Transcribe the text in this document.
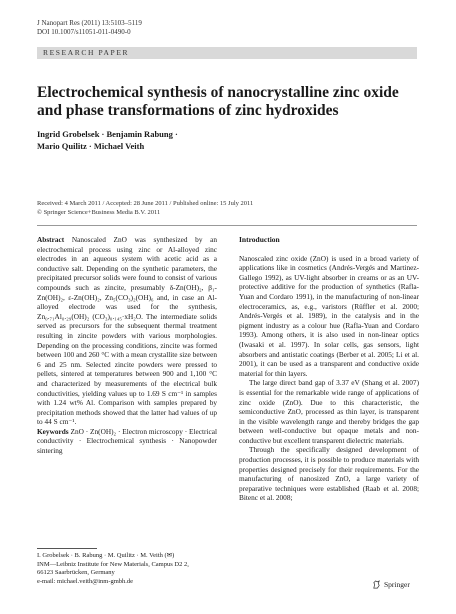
J Nanopart Res (2011) 13:5103–5119
DOI 10.1007/s11051-011-0490-0
RESEARCH PAPER
Electrochemical synthesis of nanocrystalline zinc oxide and phase transformations of zinc hydroxides
Ingrid Grobelsek · Benjamin Rabung ·
Mario Quilitz · Michael Veith
Received: 4 March 2011 / Accepted: 28 June 2011 / Published online: 15 July 2011
© Springer Science+Business Media B.V. 2011

Abstract Nanoscaled ZnO was synthesized by an electrochemical process using zinc or Al-alloyed zinc electrodes in an aqueous system with acetic acid as a conductive salt. Depending on the synthetic parameters, the precipitated precursor solids were found to consist of various compounds such as zincite, presumably δ-Zn(OH)₂, β₁-Zn(OH)₂, ε-Zn(OH)₂, Zn₅(CO₃)₂(OH)₆ and, in case an Al-alloyed electrode was used for the synthesis, Zn₀.₇₁Al₀.₂₉(OH)₂ (CO₃)₀.₁₄₅·xH₂O. The intermediate solids served as precursors for the subsequent thermal treatment resulting in zincite powders with various morphologies. Depending on the processing conditions, zincite was formed between 100 and 260 °C with a mean crystallite size between 6 and 25 nm. Selected zincite powders were pressed to pellets, sintered at temperatures between 900 and 1,100 °C and characterized by measurements of the electrical bulk conductivities, yielding values up to 1.69 S cm⁻¹ in samples with 1.24 wt% Al. Comparison with samples prepared by precipitation methods showed that the latter had values of up to 44 S cm⁻¹.

Keywords ZnO · Zn(OH)₂ · Electron microscopy · Electrical conductivity · Electrochemical synthesis · Nanopowder sintering

Introduction

Nanoscaled zinc oxide (ZnO) is used in a broad variety of applications like in cosmetics (Andrés-Vergés and Martinez-Gallego 1992), as UV-light absorber in creams or as an UV-protective additive for the production of synthetics (Rafla-Yuan and Cordaro 1991), in the manufacturing of non-linear electroceramics, as, e.g., varistors (Rüffler et al. 2000; Andrés-Vergés et al. 1989), in the catalysis and in the pigment industry as a colour hue (Rafla-Yuan and Cordaro 1993). Among others, it is also used in non-linear optics (Iwasaki et al. 1997). In solar cells, gas sensors, light absorbers and antistatic coatings (Berber et al. 2005; Li et al. 2001), it can be used as a transparent and conductive oxide material for thin layers.

The large direct band gap of 3.37 eV (Shang et al. 2007) is essential for the remarkable wide range of applications of zinc oxide (ZnO). Due to this characteristic, the semiconductive ZnO, processed as thin layer, is transparent in the visible wavelength range and thereby bridges the gap between well-conductive but opaque metals and non-conductive but excellent transparent dielectric materials.

Through the specifically designed development of production processes, it is possible to produce materials with properties designed precisely for their requirements. For the manufacturing of nanosized ZnO, a large variety of preparative techniques were established (Raab et al. 2008; Bitenc et al. 2008;

I. Grobelsek · B. Rabung · M. Quilitz · M. Veith (✉)
INM—Leibniz Institute for New Materials, Campus D2 2,
66123 Saarbrücken, Germany
e-mail: michael.veith@inm-gmbh.de	Springer
